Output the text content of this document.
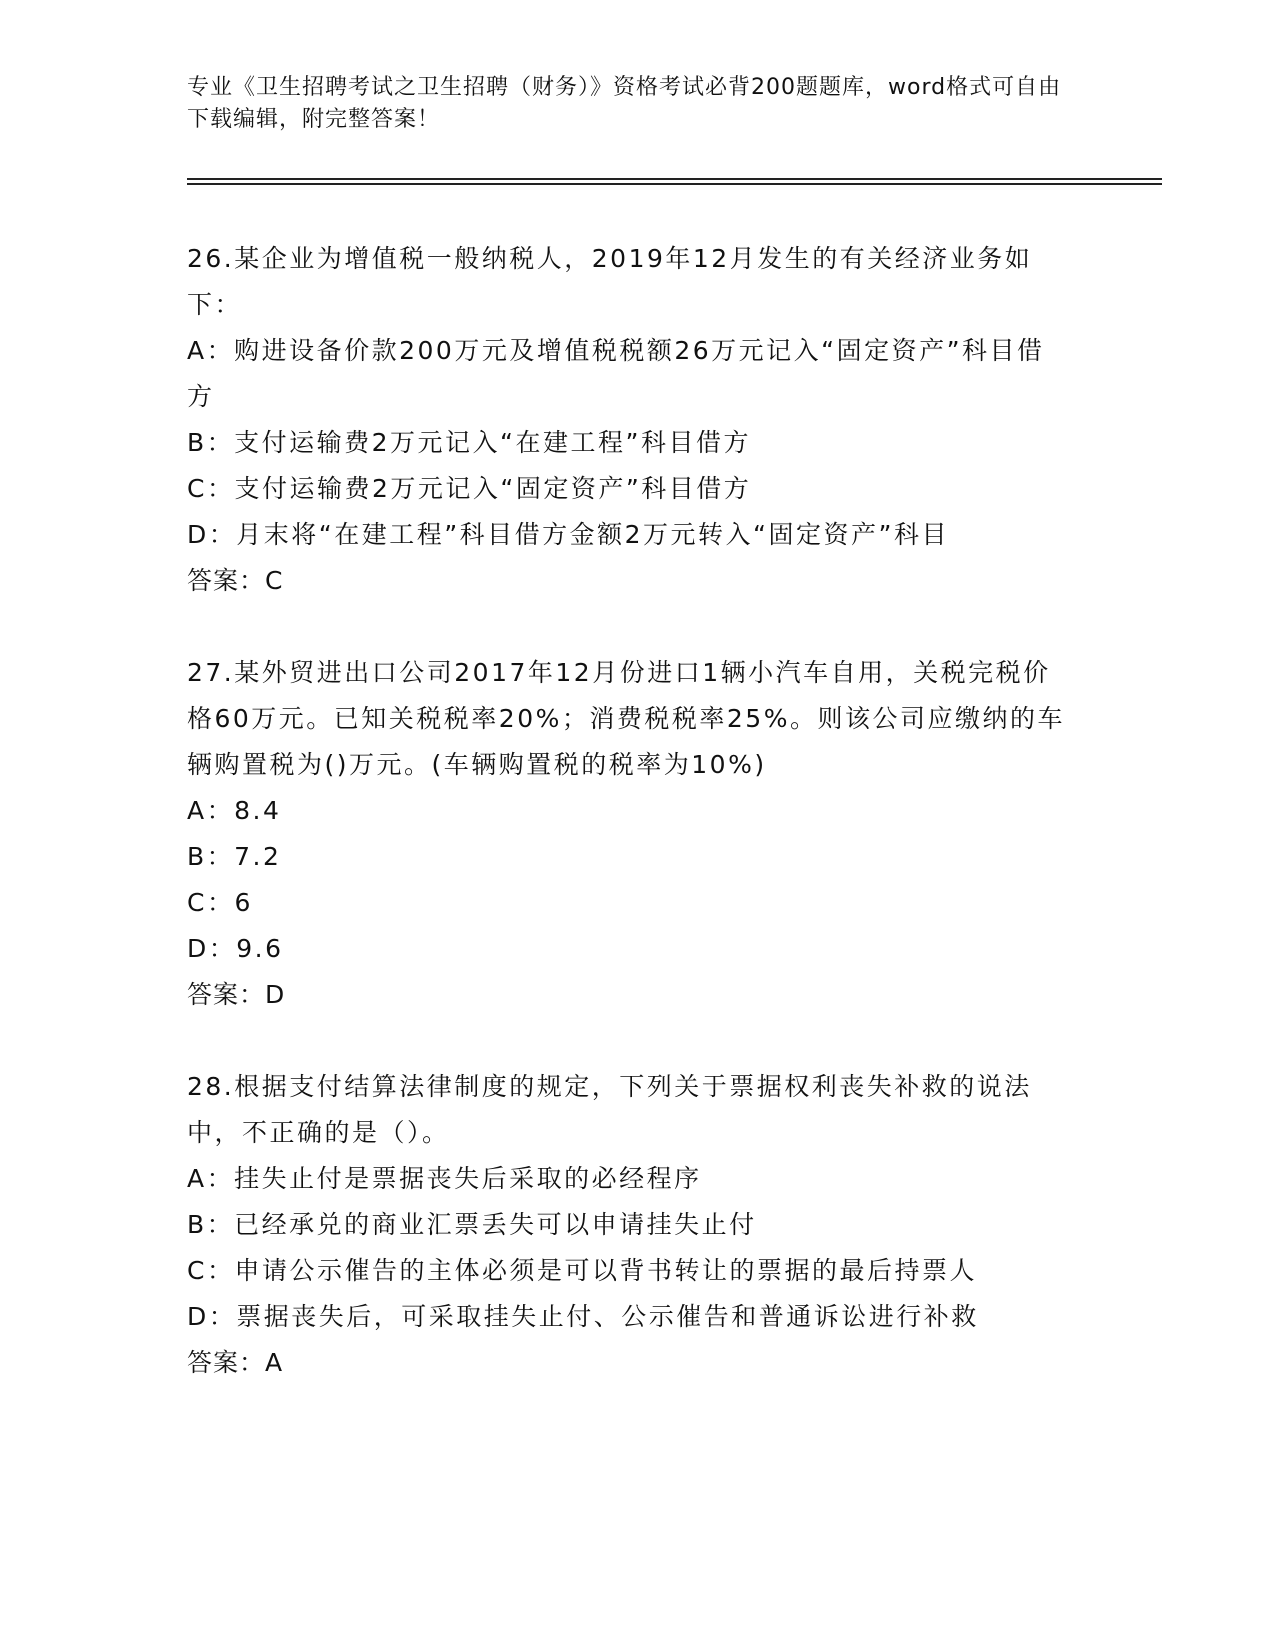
专业《卫生招聘考试之卫生招聘（财务）》资格考试必背200题题库，word格式可自由下载编辑，附完整答案！

26.某企业为增值税一般纳税人，2019年12月发生的有关经济业务如下：

A：购进设备价款200万元及增值税税额26万元记入“固定资产”科目借方

B：支付运输费2万元记入“在建工程”科目借方

C：支付运输费2万元记入“固定资产”科目借方

D：月末将“在建工程”科目借方金额2万元转入“固定资产”科目

答案：C

27.某外贸进出口公司2017年12月份进口1辆小汽车自用，关税完税价格60万元。已知关税税率20%；消费税税率25%。则该公司应缴纳的车辆购置税为()万元。(车辆购置税的税率为10%)

A：8.4

B：7.2

C：6

D：9.6

答案：D

28.根据支付结算法律制度的规定，下列关于票据权利丧失补救的说法中，不正确的是（）。

A：挂失止付是票据丧失后采取的必经程序

B：已经承兑的商业汇票丢失可以申请挂失止付

C：申请公示催告的主体必须是可以背书转让的票据的最后持票人

D：票据丧失后，可采取挂失止付、公示催告和普通诉讼进行补救

答案：A
